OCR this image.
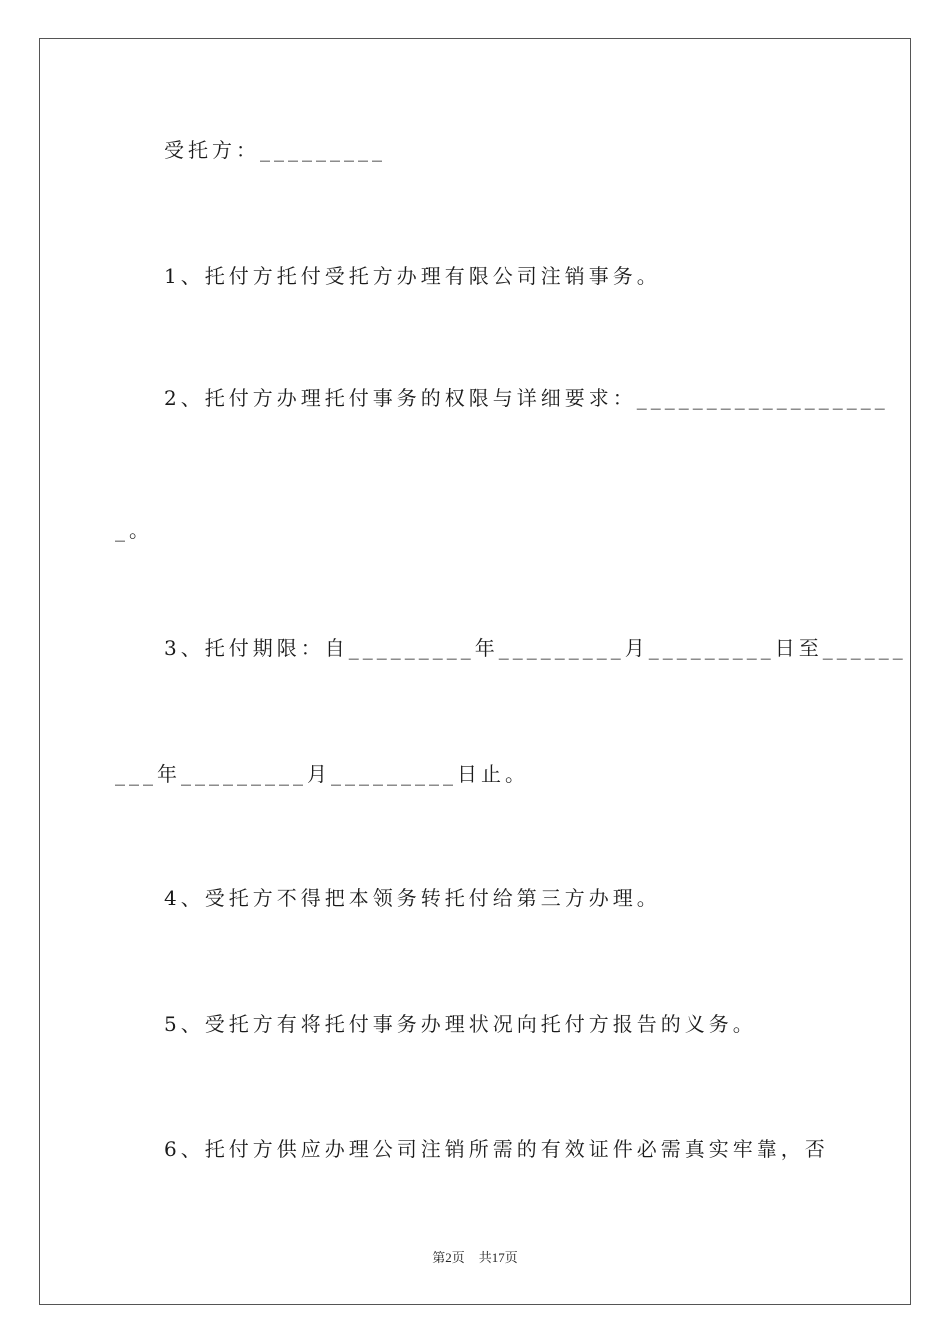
受托方：_________
1、托付方托付受托方办理有限公司注销事务。
2、托付方办理托付事务的权限与详细要求：__________________
_。
3、托付期限：自_________年_________月_________日至______
___年_________月_________日止。
4、受托方不得把本领务转托付给第三方办理。
5、受托方有将托付事务办理状况向托付方报告的义务。
6、托付方供应办理公司注销所需的有效证件必需真实牢靠，否
第2页 共17页
